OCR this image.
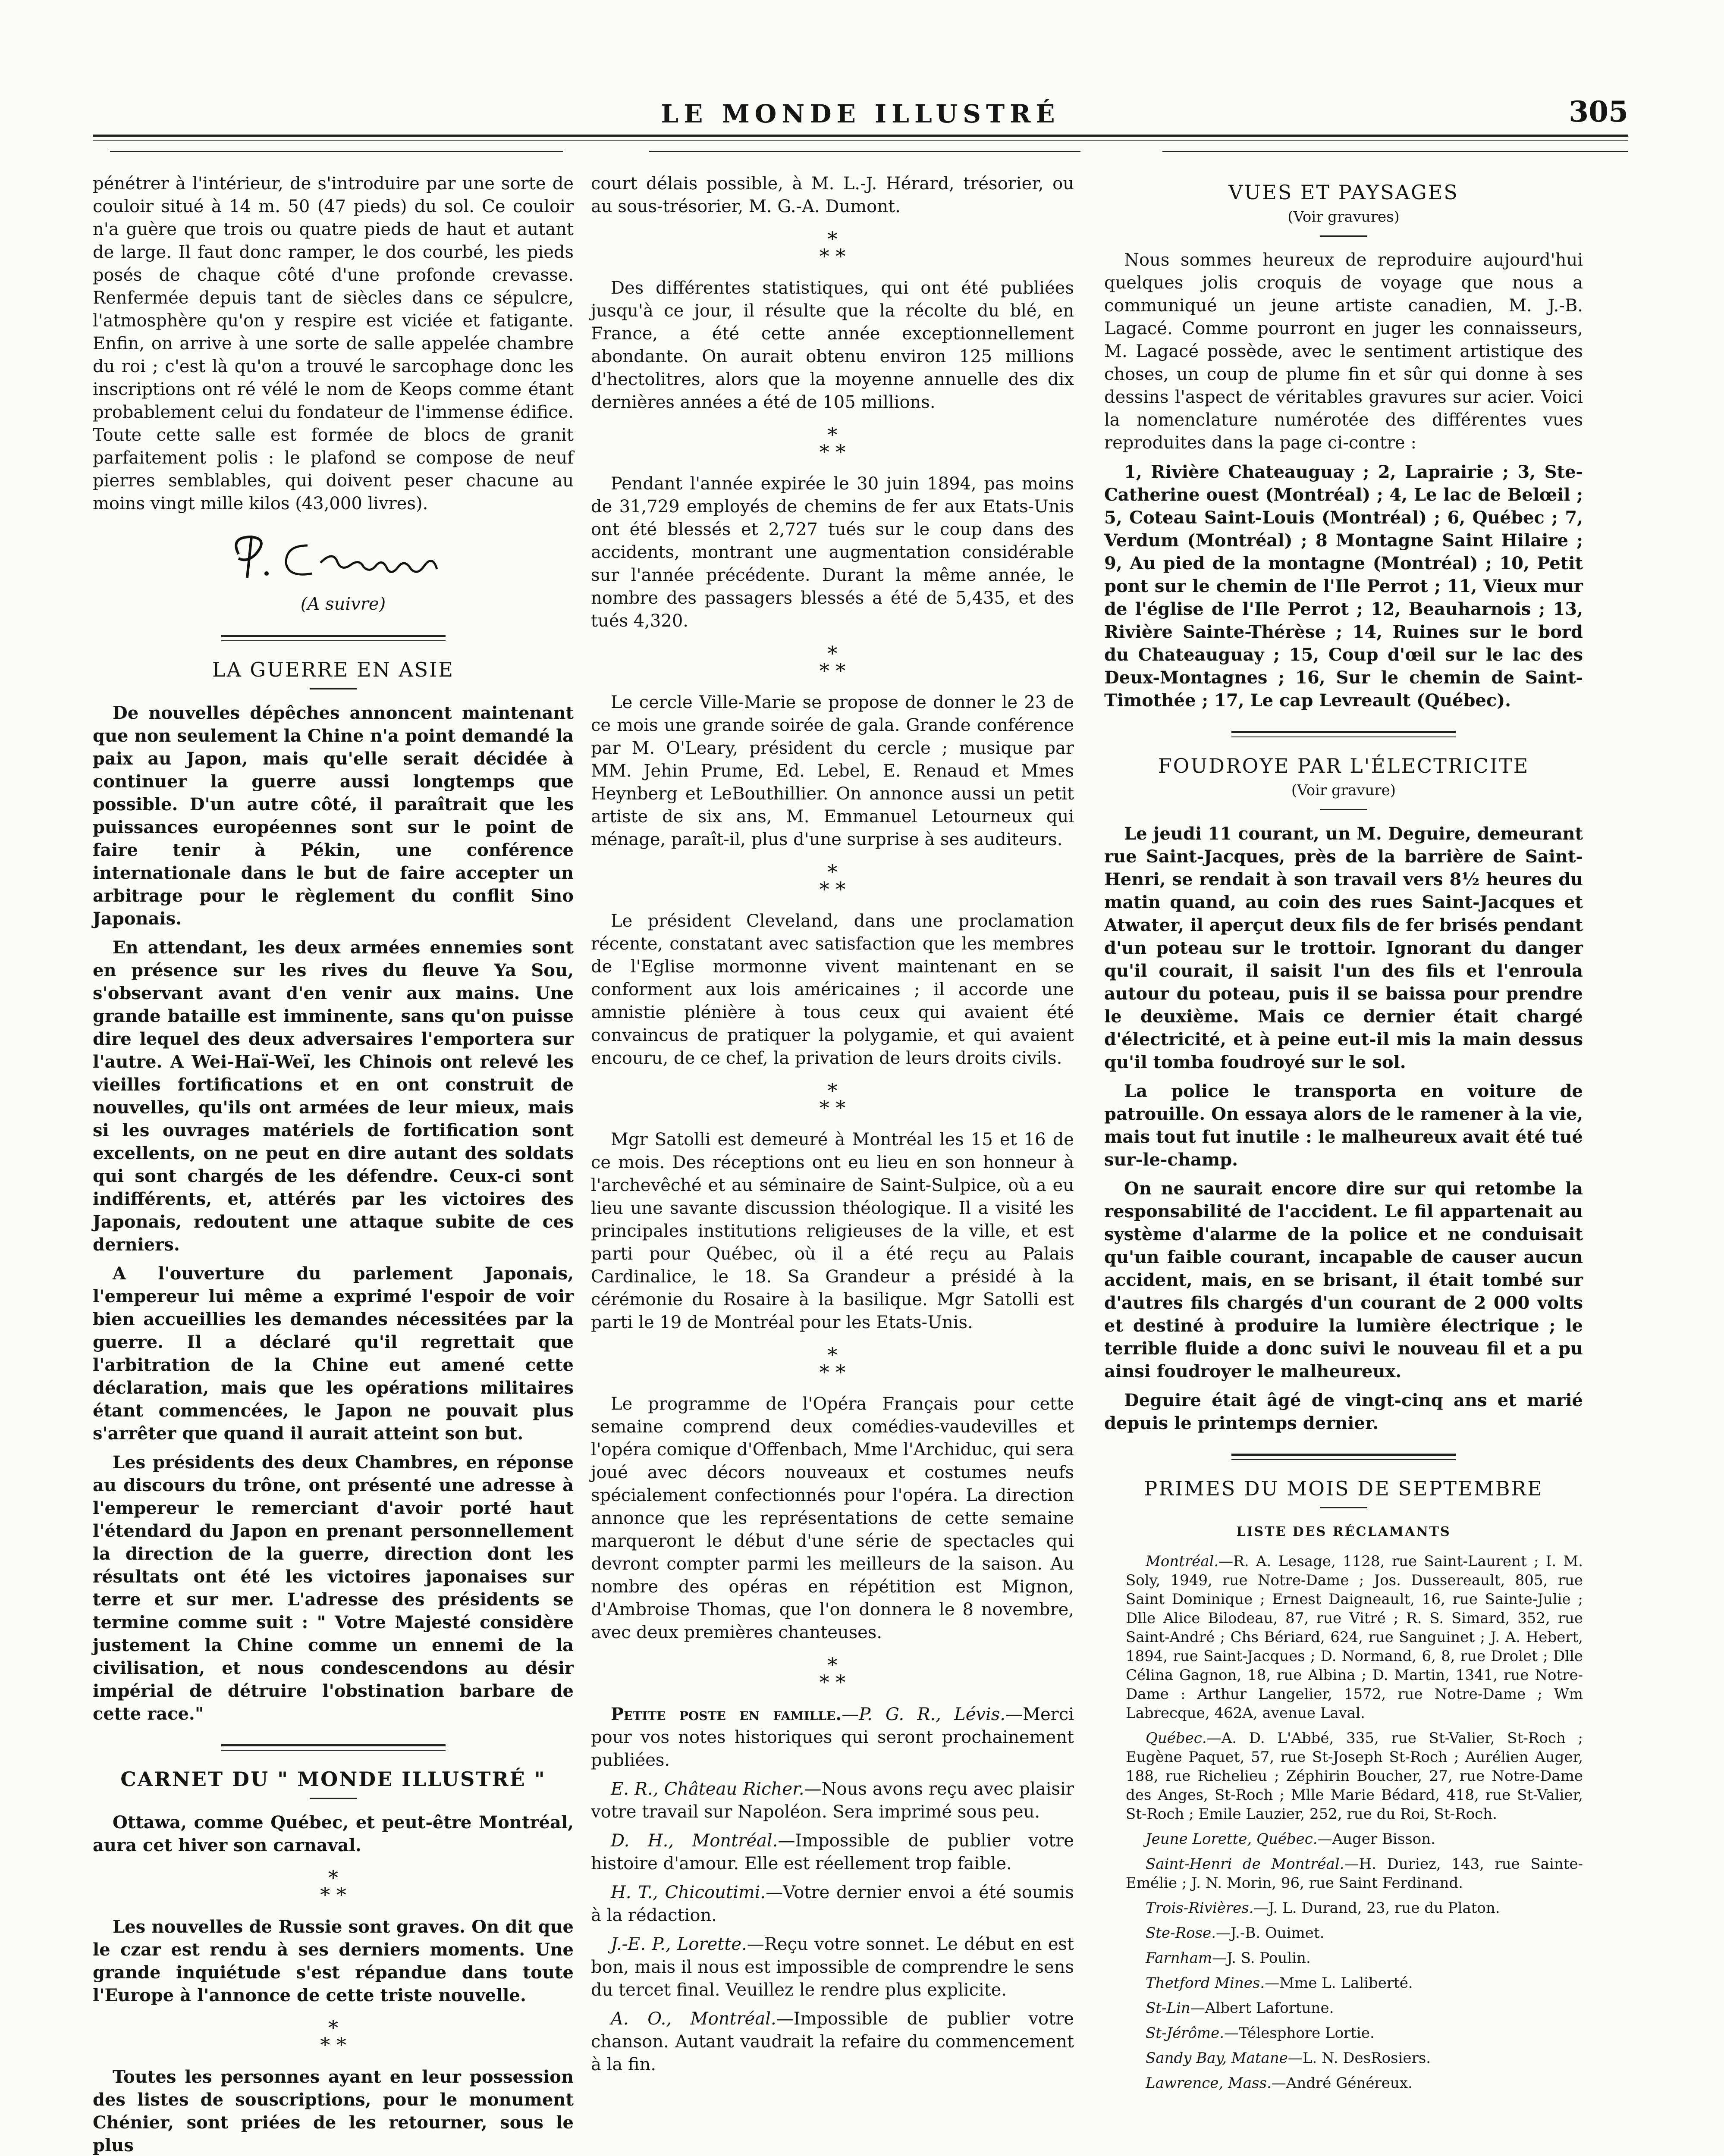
LE MONDE ILLUSTRÉ	305

pénétrer à l'intérieur, de s'introduire par une sorte de couloir situé à 14 m. 50 (47 pieds) du sol. Ce couloir n'a guère que trois ou quatre pieds de haut et autant de large. Il faut donc ramper, le dos courbé, les pieds posés de chaque côté d'une profonde crevasse. Renfermée depuis tant de siècles dans ce sépulcre, l'atmosphère qu'on y respire est viciée et fatigante. Enfin, on arrive à une sorte de salle appelée chambre du roi ; c'est là qu'on a trouvé le sarcophage donc les inscriptions ont ré vélé le nom de Keops comme étant probablement celui du fondateur de l'immense édifice. Toute cette salle est formée de blocs de granit parfaitement polis : le plafond se compose de neuf pierres semblables, qui doivent peser chacune au moins vingt mille kilos (43,000 livres).

(A suivre)

LA GUERRE EN ASIE

De nouvelles dépêches annoncent maintenant que non seulement la Chine n'a point demandé la paix au Japon, mais qu'elle serait décidée à continuer la guerre aussi longtemps que possible. D'un autre côté, il paraîtrait que les puissances européennes sont sur le point de faire tenir à Pékin, une conférence internationale dans le but de faire accepter un arbitrage pour le règlement du conflit Sino Japonais.

En attendant, les deux armées ennemies sont en présence sur les rives du fleuve Ya Sou, s'observant avant d'en venir aux mains. Une grande bataille est imminente, sans qu'on puisse dire lequel des deux adversaires l'emportera sur l'autre. A Wei-Haï-Weï, les Chinois ont relevé les vieilles fortifications et en ont construit de nouvelles, qu'ils ont armées de leur mieux, mais si les ouvrages matériels de fortification sont excellents, on ne peut en dire autant des soldats qui sont chargés de les défendre. Ceux-ci sont indifférents, et, attérés par les victoires des Japonais, redoutent une attaque subite de ces derniers.

A l'ouverture du parlement Japonais, l'empereur lui même a exprimé l'espoir de voir bien accueillies les demandes nécessitées par la guerre. Il a déclaré qu'il regrettait que l'arbitration de la Chine eut amené cette déclaration, mais que les opérations militaires étant commencées, le Japon ne pouvait plus s'arrêter que quand il aurait atteint son but.

Les présidents des deux Chambres, en réponse au discours du trône, ont présenté une adresse à l'empereur le remerciant d'avoir porté haut l'étendard du Japon en prenant personnellement la direction de la guerre, direction dont les résultats ont été les victoires japonaises sur terre et sur mer. L'adresse des présidents se termine comme suit : " Votre Majesté considère justement la Chine comme un ennemi de la civilisation, et nous condescendons au désir impérial de détruire l'obstination barbare de cette race."

CARNET DU " MONDE ILLUSTRÉ "

Ottawa, comme Québec, et peut-être Montréal, aura cet hiver son carnaval.

*
* *

Les nouvelles de Russie sont graves. On dit que le czar est rendu à ses derniers moments. Une grande inquiétude s'est répandue dans toute l'Europe à l'annonce de cette triste nouvelle.

*
* *

Toutes les personnes ayant en leur possession des listes de souscriptions, pour le monument Chénier, sont priées de les retourner, sous le plus

court délais possible, à M. L.-J. Hérard, trésorier, ou au sous-trésorier, M. G.-A. Dumont.

*
* *

Des différentes statistiques, qui ont été publiées jusqu'à ce jour, il résulte que la récolte du blé, en France, a été cette année exceptionnellement abondante. On aurait obtenu environ 125 millions d'hectolitres, alors que la moyenne annuelle des dix dernières années a été de 105 millions.

*
* *

Pendant l'année expirée le 30 juin 1894, pas moins de 31,729 employés de chemins de fer aux Etats-Unis ont été blessés et 2,727 tués sur le coup dans des accidents, montrant une augmentation considérable sur l'année précédente. Durant la même année, le nombre des passagers blessés a été de 5,435, et des tués 4,320.

*
* *

Le cercle Ville-Marie se propose de donner le 23 de ce mois une grande soirée de gala. Grande conférence par M. O'Leary, président du cercle ; musique par MM. Jehin Prume, Ed. Lebel, E. Renaud et Mmes Heynberg et LeBouthillier. On annonce aussi un petit artiste de six ans, M. Emmanuel Letourneux qui ménage, paraît-il, plus d'une surprise à ses auditeurs.

*
* *

Le président Cleveland, dans une proclamation récente, constatant avec satisfaction que les membres de l'Eglise mormonne vivent maintenant en se conforment aux lois américaines ; il accorde une amnistie plénière à tous ceux qui avaient été convaincus de pratiquer la polygamie, et qui avaient encouru, de ce chef, la privation de leurs droits civils.

*
* *

Mgr Satolli est demeuré à Montréal les 15 et 16 de ce mois. Des réceptions ont eu lieu en son honneur à l'archevêché et au séminaire de Saint-Sulpice, où a eu lieu une savante discussion théologique. Il a visité les principales institutions religieuses de la ville, et est parti pour Québec, où il a été reçu au Palais Cardinalice, le 18. Sa Grandeur a présidé à la cérémonie du Rosaire à la basilique. Mgr Satolli est parti le 19 de Montréal pour les Etats-Unis.

*
* *

Le programme de l'Opéra Français pour cette semaine comprend deux comédies-vaudevilles et l'opéra comique d'Offenbach, Mme l'Archiduc, qui sera joué avec décors nouveaux et costumes neufs spécialement confectionnés pour l'opéra. La direction annonce que les représentations de cette semaine marqueront le début d'une série de spectacles qui devront compter parmi les meilleurs de la saison. Au nombre des opéras en répétition est Mignon, d'Ambroise Thomas, que l'on donnera le 8 novembre, avec deux premières chanteuses.

*
* *

Petite poste en famille.—P. G. R., Lévis.—Merci pour vos notes historiques qui seront prochainement publiées.

E. R., Château Richer.—Nous avons reçu avec plaisir votre travail sur Napoléon. Sera imprimé sous peu.

D. H., Montréal.—Impossible de publier votre histoire d'amour. Elle est réellement trop faible.

H. T., Chicoutimi.—Votre dernier envoi a été soumis à la rédaction.

J.-E. P., Lorette.—Reçu votre sonnet. Le début en est bon, mais il nous est impossible de comprendre le sens du tercet final. Veuillez le rendre plus explicite.

A. O., Montréal.—Impossible de publier votre chanson. Autant vaudrait la refaire du commencement à la fin.

VUES ET PAYSAGES
(Voir gravures)

Nous sommes heureux de reproduire aujourd'hui quelques jolis croquis de voyage que nous a communiqué un jeune artiste canadien, M. J.-B. Lagacé. Comme pourront en juger les connaisseurs, M. Lagacé possède, avec le sentiment artistique des choses, un coup de plume fin et sûr qui donne à ses dessins l'aspect de véritables gravures sur acier. Voici la nomenclature numérotée des différentes vues reproduites dans la page ci-contre :

1, Rivière Chateauguay ; 2, Laprairie ; 3, Ste-Catherine ouest (Montréal) ; 4, Le lac de Belœil ; 5, Coteau Saint-Louis (Montréal) ; 6, Québec ; 7, Verdum (Montréal) ; 8 Montagne Saint Hilaire ; 9, Au pied de la montagne (Montréal) ; 10, Petit pont sur le chemin de l'Ile Perrot ; 11, Vieux mur de l'église de l'Ile Perrot ; 12, Beauharnois ; 13, Rivière Sainte-Thérèse ; 14, Ruines sur le bord du Chateauguay ; 15, Coup d'œil sur le lac des Deux-Montagnes ; 16, Sur le chemin de Saint-Timothée ; 17, Le cap Levreault (Québec).

FOUDROYE PAR L'ÉLECTRICITE
(Voir gravure)

Le jeudi 11 courant, un M. Deguire, demeurant rue Saint-Jacques, près de la barrière de Saint-Henri, se rendait à son travail vers 8½ heures du matin quand, au coin des rues Saint-Jacques et Atwater, il aperçut deux fils de fer brisés pendant d'un poteau sur le trottoir. Ignorant du danger qu'il courait, il saisit l'un des fils et l'enroula autour du poteau, puis il se baissa pour prendre le deuxième. Mais ce dernier était chargé d'électricité, et à peine eut-il mis la main dessus qu'il tomba foudroyé sur le sol.

La police le transporta en voiture de patrouille. On essaya alors de le ramener à la vie, mais tout fut inutile : le malheureux avait été tué sur-le-champ.

On ne saurait encore dire sur qui retombe la responsabilité de l'accident. Le fil appartenait au système d'alarme de la police et ne conduisait qu'un faible courant, incapable de causer aucun accident, mais, en se brisant, il était tombé sur d'autres fils chargés d'un courant de 2 000 volts et destiné à produire la lumière électrique ; le terrible fluide a donc suivi le nouveau fil et a pu ainsi foudroyer le malheureux.

Deguire était âgé de vingt-cinq ans et marié depuis le printemps dernier.

PRIMES DU MOIS DE SEPTEMBRE
LISTE DES RÉCLAMANTS

Montréal.—R. A. Lesage, 1128, rue Saint-Laurent ; I. M. Soly, 1949, rue Notre-Dame ; Jos. Dussereault, 805, rue Saint Dominique ; Ernest Daigneault, 16, rue Sainte-Julie ; Dlle Alice Bilodeau, 87, rue Vitré ; R. S. Simard, 352, rue Saint-André ; Chs Bériard, 624, rue Sanguinet ; J. A. Hebert, 1894, rue Saint-Jacques ; D. Normand, 6, 8, rue Drolet ; Dlle Célina Gagnon, 18, rue Albina ; D. Martin, 1341, rue Notre-Dame : Arthur Langelier, 1572, rue Notre-Dame ; Wm Labrecque, 462A, avenue Laval.

Québec.—A. D. L'Abbé, 335, rue St-Valier, St-Roch ; Eugène Paquet, 57, rue St-Joseph St-Roch ; Aurélien Auger, 188, rue Richelieu ; Zéphirin Boucher, 27, rue Notre-Dame des Anges, St-Roch ; Mlle Marie Bédard, 418, rue St-Valier, St-Roch ; Emile Lauzier, 252, rue du Roi, St-Roch.

Jeune Lorette, Québec.—Auger Bisson.

Saint-Henri de Montréal.—H. Duriez, 143, rue Sainte-Emélie ; J. N. Morin, 96, rue Saint Ferdinand.

Trois-Rivières.—J. L. Durand, 23, rue du Platon.

Ste-Rose.—J.-B. Ouimet.

Farnham—J. S. Poulin.

Thetford Mines.—Mme L. Laliberté.

St-Lin—Albert Lafortune.

St-Jérôme.—Télesphore Lortie.

Sandy Bay, Matane—L. N. DesRosiers.

Lawrence, Mass.—André Généreux.
